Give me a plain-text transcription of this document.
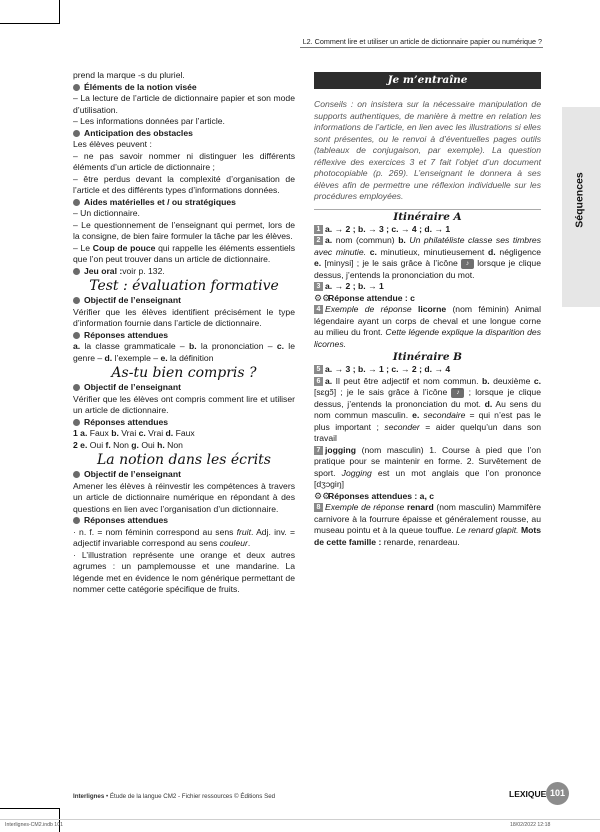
L2. Comment lire et utiliser un article de dictionnaire papier ou numérique ?
Séquences

prend la marque -s du pluriel.

Éléments de la notion visée

– La lecture de l’article de dictionnaire papier et son mode d’utilisation.

– Les informations données par l’article.

Anticipation des obstacles

Les élèves peuvent :

– ne pas savoir nommer ni distinguer les différents éléments d’un article de dictionnaire ;

– être perdus devant la complexité d’organisation de l’article et des différents types d’informations données.

Aides matérielles et / ou stratégiques

– Un dictionnaire.

– Le questionnement de l’enseignant qui permet, lors de la consigne, de bien faire formuler la tâche par les élèves.

– Le Coup de pouce qui rappelle les éléments essentiels que l’on peut trouver dans un article de dictionnaire.

Jeu oral : voir p. 132.

Test : évaluation formative

Objectif de l’enseignant

Vérifier que les élèves identifient précisément le type d’information fournie dans l’article de dictionnaire.

Réponses attendues

a. la classe grammaticale – b. la prononciation – c. le genre – d. l’exemple – e. la définition

As-tu bien compris ?

Objectif de l’enseignant

Vérifier que les élèves ont compris comment lire et utiliser un article de dictionnaire.

Réponses attendues

1 a. Faux b. Vrai c. Vrai d. Faux

2 e. Oui f. Non g. Oui h. Non

La notion dans les écrits

Objectif de l’enseignant

Amener les élèves à réinvestir les compétences à travers un article de dictionnaire numérique en répondant à des questions en lien avec l’organisation d’un dictionnaire.

Réponses attendues

· n. f. = nom féminin correspond au sens fruit. Adj. inv. = adjectif invariable correspond au sens couleur.

· L’illustration représente une orange et deux autres agrumes : un pamplemousse et une mandarine. La légende met en évidence le nom générique permettant de nommer cette catégorie spécifique de fruits.

Je m’entraîne

Conseils : on insistera sur la nécessaire manipulation de supports authentiques, de manière à mettre en relation les informations de l’article, en lien avec les illustrations si elles sont présentes, ou le renvoi à d’éventuelles pages outils (tableaux de conjugaison, par exemple). La question réflexive des exercices 3 et 7 fait l’objet d’un document photocopiable (p. 269). L’enseignant le donnera à ses élèves afin de permettre une réflexion individuelle sur les procédures employées.

Itinéraire A

1 a. → 2 ; b. → 3 ; c. → 4 ; d. → 1

2 a. nom (commun) b. Un philatéliste classe ses timbres avec minutie. c. minutieux, minutieusement d. négligence e. [minysi] ; je le sais grâce à l’icône ♪ lorsque je clique dessus, j’entends la prononciation du mot.

3 a. → 2 ; b. → 1

⚙⚙Réponse attendue : c

4 Exemple de réponse licorne (nom féminin) Animal légendaire ayant un corps de cheval et une longue corne au milieu du front. Cette légende explique la disparition des licornes.

Itinéraire B

5 a. → 3 ; b. → 1 ; c. → 2 ; d. → 4

6 a. Il peut être adjectif et nom commun. b. deuxième c. [sɛgɔ̃] ; je le sais grâce à l’icône ♪ ; lorsque je clique dessus, j’entends la prononciation du mot. d. Au sens du nom commun masculin. e. secondaire = qui n’est pas le plus important ; seconder = aider quelqu’un dans son travail

7 jogging (nom masculin) 1. Course à pied que l’on pratique pour se maintenir en forme. 2. Survêtement de sport. Jogging est un mot anglais que l’on prononce [dʒɔgiŋ]

⚙⚙Réponses attendues : a, c

8 Exemple de réponse renard (nom masculin) Mammifère carnivore à la fourrure épaisse et généralement rousse, au museau pointu et à la queue touffue. Le renard glapit. Mots de cette famille : renarde, renardeau.

Interlignes • Étude de la langue CM2 - Fichier ressources © Éditions Sed	LEXIQUE 101
Interlignes-CM2.indb 101	18/02/2022 12:18
